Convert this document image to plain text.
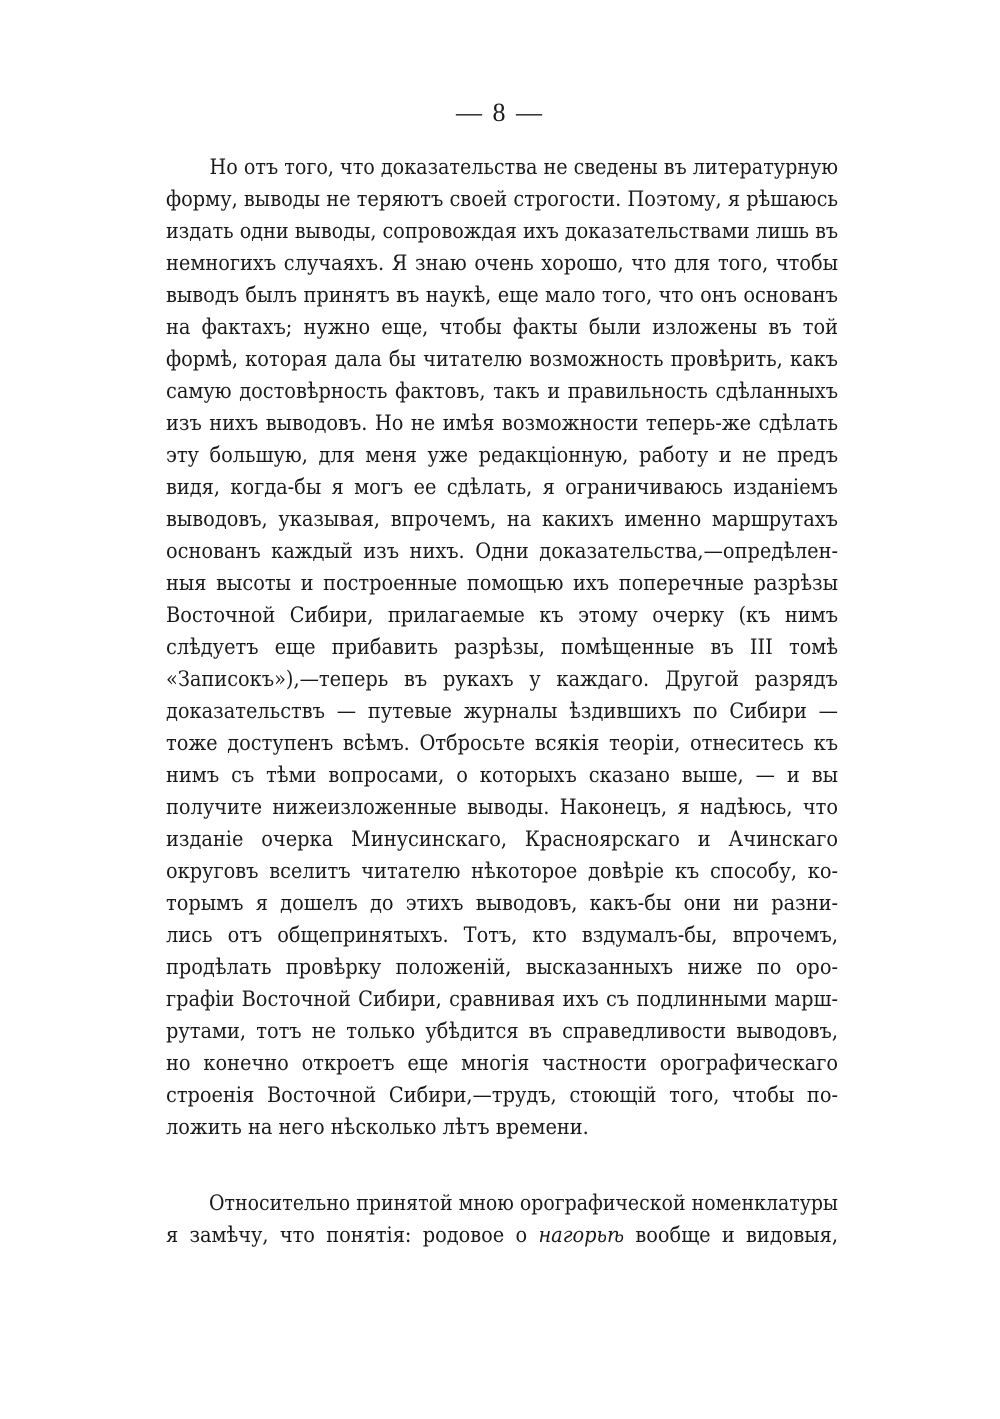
— 8 —
Но отъ того, что доказательства не сведены въ литературную
форму, выводы не теряютъ своей строгости. Поэтому, я рѣшаюсь
издать одни выводы, сопровождая ихъ доказательствами лишь въ
немногихъ случаяхъ. Я знаю очень хорошо, что для того, чтобы
выводъ былъ принятъ въ наукѣ, еще мало того, что онъ основанъ
на фактахъ; нужно еще, чтобы факты были изложены въ той
формѣ, которая дала бы читателю возможность провѣрить, какъ
самую достовѣрность фактовъ, такъ и правильность сдѣланныхъ
изъ нихъ выводовъ. Но не имѣя возможности теперь-же сдѣлать
эту большую, для меня уже редакціонную, работу и не предъ
видя, когда-бы я могъ ее сдѣлать, я ограничиваюсь изданіемъ
выводовъ, указывая, впрочемъ, на какихъ именно маршрутахъ
основанъ каждый изъ нихъ. Одни доказательства,—опредѣлен-
ныя высоты и построенные помощью ихъ поперечные разрѣзы
Восточной Сибири, прилагаемые къ этому очерку (къ нимъ
слѣдуетъ еще прибавить разрѣзы, помѣщенные въ III томѣ
«Записокъ»),—теперь въ рукахъ у каждаго. Другой разрядъ
доказательствъ — путевые журналы ѣздившихъ по Сибири —
тоже доступенъ всѣмъ. Отбросьте всякія теоріи, отнеситесь къ
нимъ съ тѣми вопросами, о которыхъ сказано выше, — и вы
получите нижеизложенные выводы. Наконецъ, я надѣюсь, что
изданіе очерка Минусинскаго, Красноярскаго и Ачинскаго
округовъ вселитъ читателю нѣкоторое довѣріе къ способу, ко-
торымъ я дошелъ до этихъ выводовъ, какъ-бы они ни разни-
лись отъ общепринятыхъ. Тотъ, кто вздумалъ-бы, впрочемъ,
продѣлать провѣрку положеній, высказанныхъ ниже по оро-
графіи Восточной Сибири, сравнивая ихъ съ подлинными марш-
рутами, тотъ не только убѣдится въ справедливости выводовъ,
но конечно откроетъ еще многія частности орографическаго
строенія Восточной Сибири,—трудъ, стоющій того, чтобы по-
ложить на него нѣсколько лѣтъ времени.
Относительно принятой мною орографической номенклатуры
я замѣчу, что понятія: родовое о нагорьѣ вообще и видовыя,
